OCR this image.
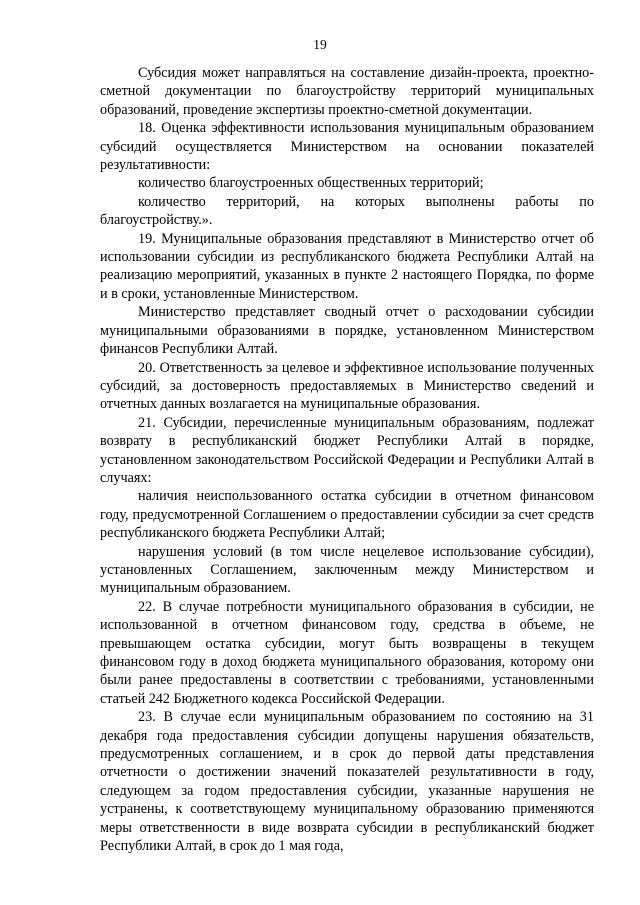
19

Субсидия может направляться на составление дизайн-проекта, проектно-сметной документации по благоустройству территорий муниципальных образований, проведение экспертизы проектно-сметной документации.

18. Оценка эффективности использования муниципальным образованием субсидий осуществляется Министерством на основании показателей результативности:

количество благоустроенных общественных территорий;

количество территорий, на которых выполнены работы по благоустройству.».

19. Муниципальные образования представляют в Министерство отчет об использовании субсидии из республиканского бюджета Республики Алтай на реализацию мероприятий, указанных в пункте 2 настоящего Порядка, по форме и в сроки, установленные Министерством.

Министерство представляет сводный отчет о расходовании субсидии муниципальными образованиями в порядке, установленном Министерством финансов Республики Алтай.

20. Ответственность за целевое и эффективное использование полученных субсидий, за достоверность предоставляемых в Министерство сведений и отчетных данных возлагается на муниципальные образования.

21. Субсидии, перечисленные муниципальным образованиям, подлежат возврату в республиканский бюджет Республики Алтай в порядке, установленном законодательством Российской Федерации и Республики Алтай в случаях:

наличия неиспользованного остатка субсидии в отчетном финансовом году, предусмотренной Соглашением о предоставлении субсидии за счет средств республиканского бюджета Республики Алтай;

нарушения условий (в том числе нецелевое использование субсидии), установленных Соглашением, заключенным между Министерством и муниципальным образованием.

22. В случае потребности муниципального образования в субсидии, не использованной в отчетном финансовом году, средства в объеме, не превышающем остатка субсидии, могут быть возвращены в текущем финансовом году в доход бюджета муниципального образования, которому они были ранее предоставлены в соответствии с требованиями, установленными статьей 242 Бюджетного кодекса Российской Федерации.

23. В случае если муниципальным образованием по состоянию на 31 декабря года предоставления субсидии допущены нарушения обязательств, предусмотренных соглашением, и в срок до первой даты представления отчетности о достижении значений показателей результативности в году, следующем за годом предоставления субсидии, указанные нарушения не устранены, к соответствующему муниципальному образованию применяются меры ответственности в виде возврата субсидии в республиканский бюджет Республики Алтай, в срок до 1 мая года,
